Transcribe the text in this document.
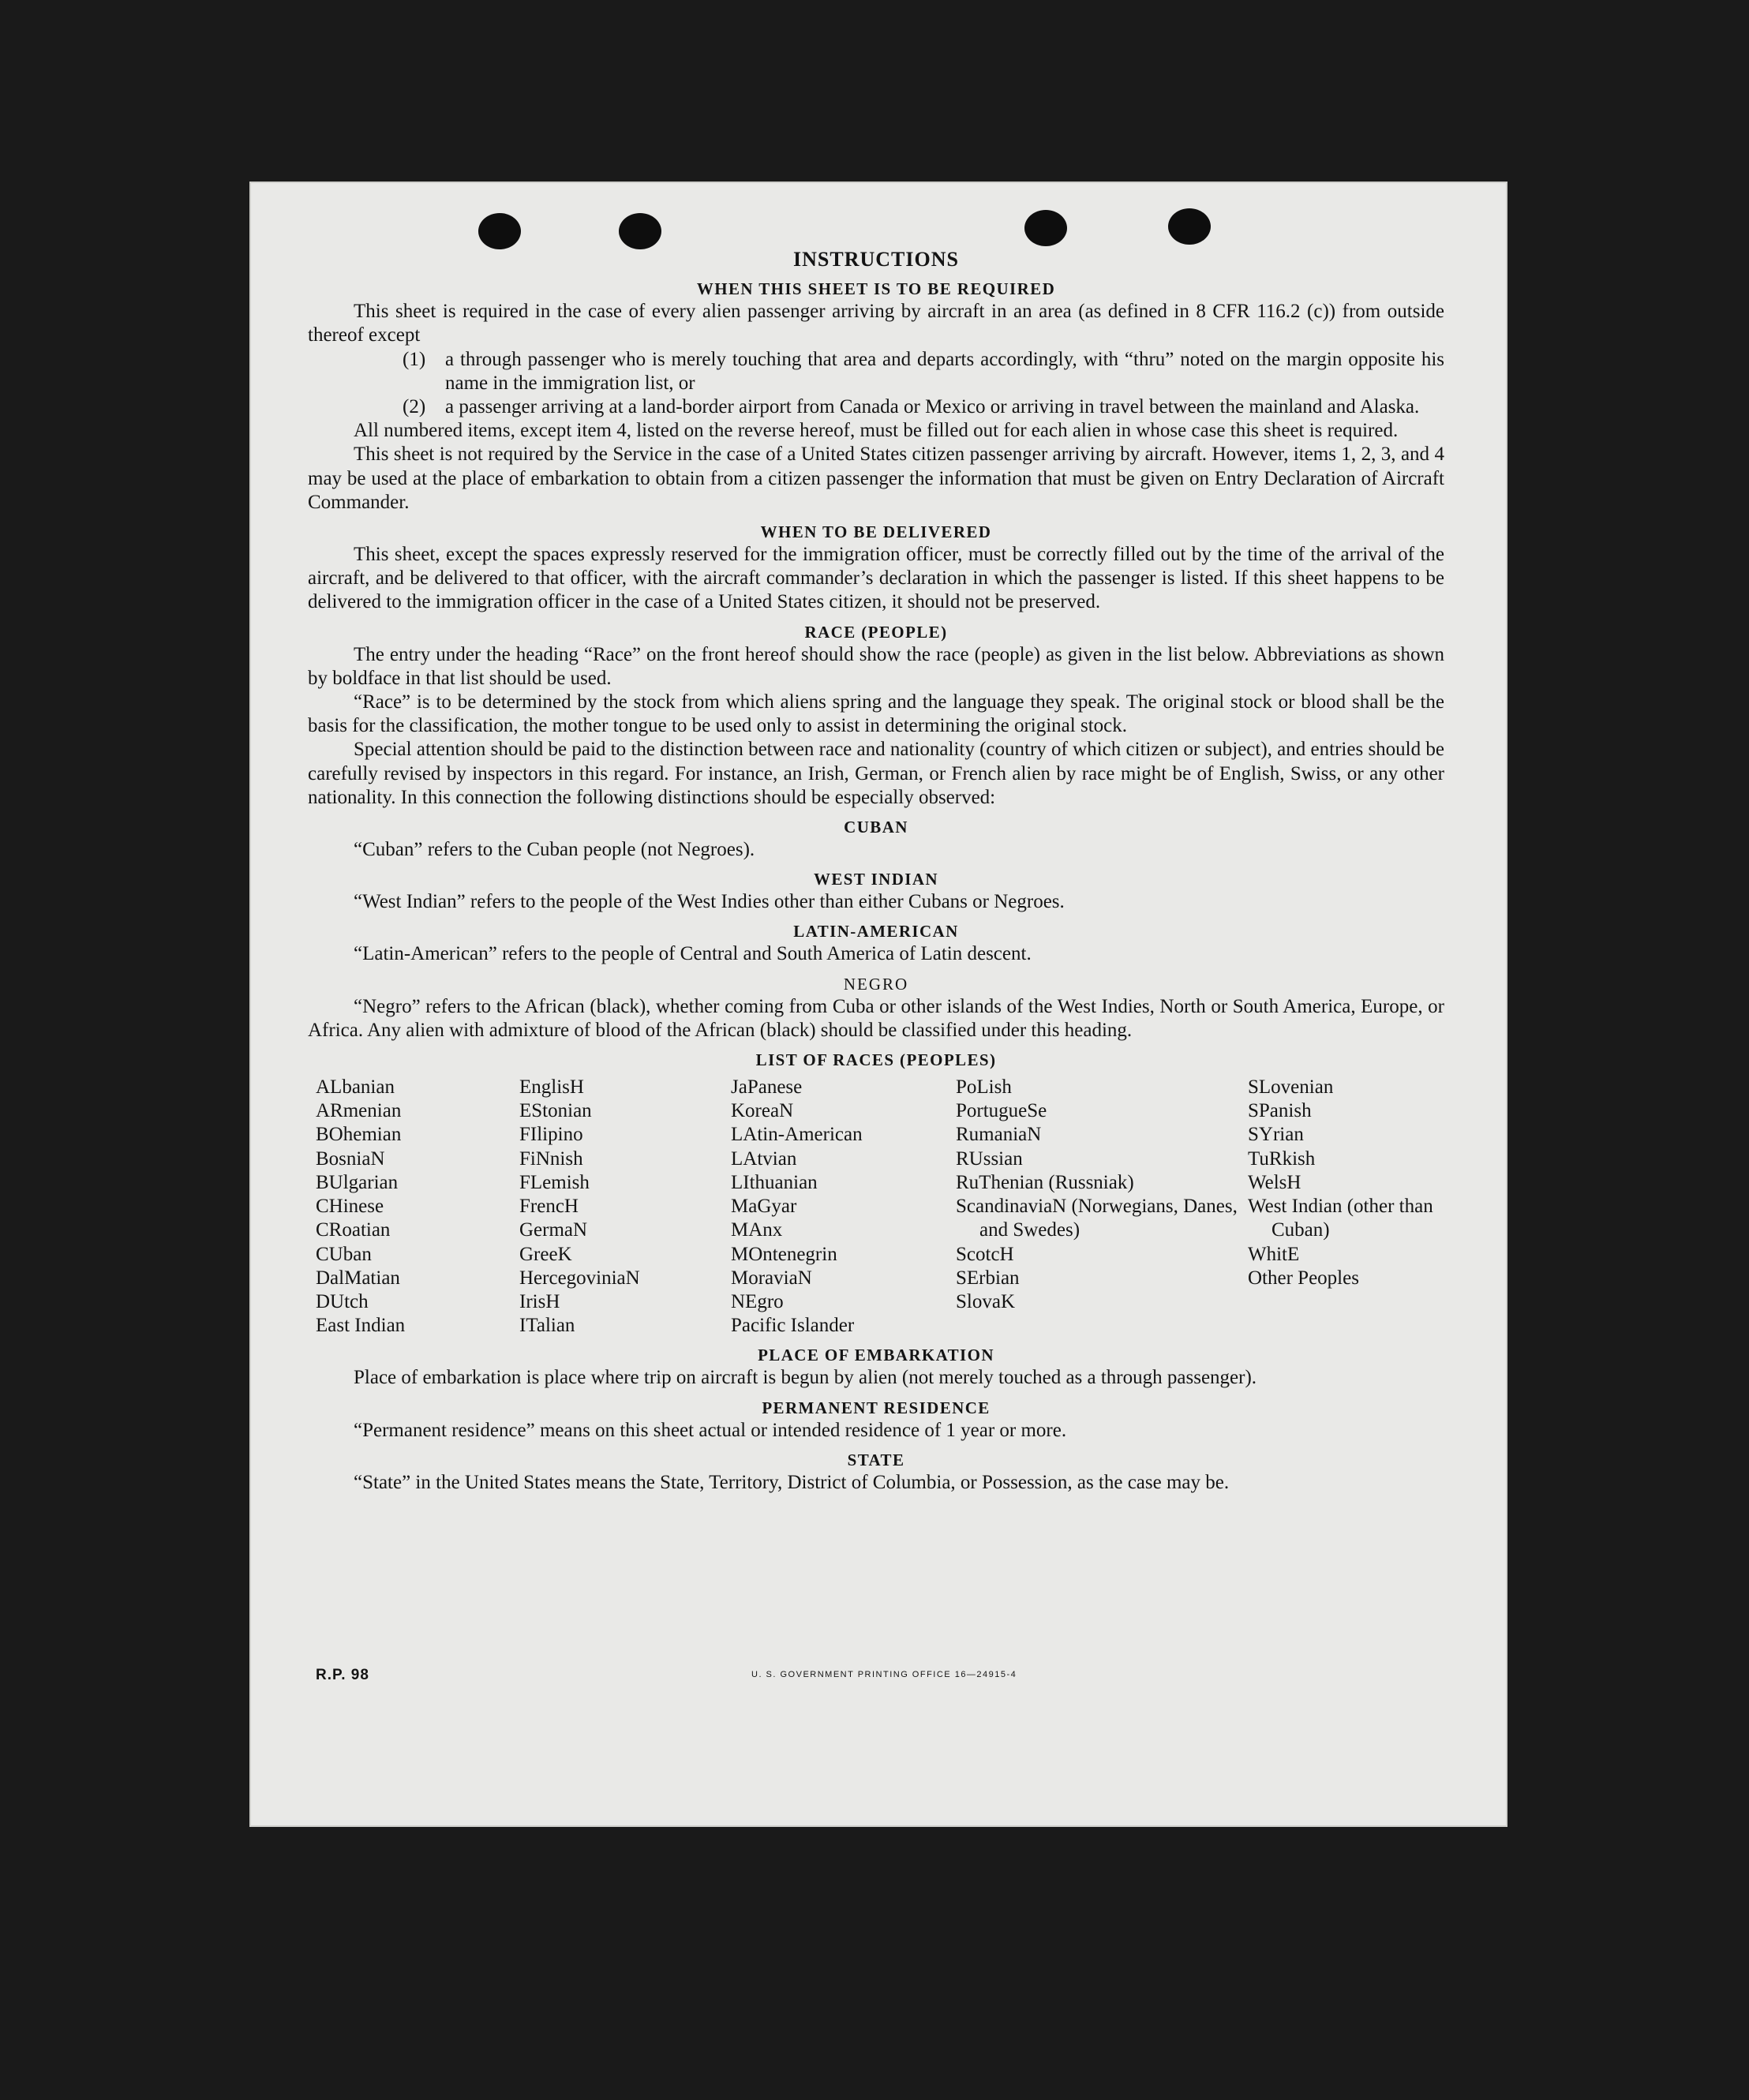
INSTRUCTIONS
WHEN THIS SHEET IS TO BE REQUIRED

This sheet is required in the case of every alien passenger arriving by aircraft in an area (as defined in 8 CFR 116.2 (c)) from outside thereof except

(1) a through passenger who is merely touching that area and departs accordingly, with “thru” noted on the margin opposite his name in the immigration list, or
(2) a passenger arriving at a land-border airport from Canada or Mexico or arriving in travel between the mainland and Alaska.

All numbered items, except item 4, listed on the reverse hereof, must be filled out for each alien in whose case this sheet is required.

This sheet is not required by the Service in the case of a United States citizen passenger arriving by aircraft. However, items 1, 2, 3, and 4 may be used at the place of embarkation to obtain from a citizen passenger the information that must be given on Entry Declaration of Aircraft Commander.

WHEN TO BE DELIVERED

This sheet, except the spaces expressly reserved for the immigration officer, must be correctly filled out by the time of the arrival of the aircraft, and be delivered to that officer, with the aircraft commander’s declaration in which the passenger is listed. If this sheet happens to be delivered to the immigration officer in the case of a United States citizen, it should not be preserved.

RACE (PEOPLE)

The entry under the heading “Race” on the front hereof should show the race (people) as given in the list below. Abbreviations as shown by boldface in that list should be used.

“Race” is to be determined by the stock from which aliens spring and the language they speak. The original stock or blood shall be the basis for the classification, the mother tongue to be used only to assist in determining the original stock.

Special attention should be paid to the distinction between race and nationality (country of which citizen or subject), and entries should be carefully revised by inspectors in this regard. For instance, an Irish, German, or French alien by race might be of English, Swiss, or any other nationality. In this connection the following distinctions should be especially observed:

CUBAN

“Cuban” refers to the Cuban people (not Negroes).

WEST INDIAN

“West Indian” refers to the people of the West Indies other than either Cubans or Negroes.

LATIN-AMERICAN

“Latin-American” refers to the people of Central and South America of Latin descent.

NEGRO

“Negro” refers to the African (black), whether coming from Cuba or other islands of the West Indies, North or South America, Europe, or Africa. Any alien with admixture of blood of the African (black) should be classified under this heading.

LIST OF RACES (PEOPLES)
ALbanian
ARmenian
BOhemian
BosniaN
BUlgarian
CHinese
CRoatian
CUban
DalMatian
DUtch
East Indian
EnglisH
EStonian
FIlipino
FiNnish
FLemish
FrencH
GermaN
GreeK
HercegoviniaN
IrisH
ITalian
JaPanese
KoreaN
LAtin-American
LAtvian
LIthuanian
MaGyar
MAnx
MOntenegrin
MoraviaN
NEgro
Pacific Islander
PoLish
PortugueSe
RumaniaN
RUssian
RuThenian (Russniak)
ScandinaviaN (Norwegians, Danes, and Swedes)
ScotcH
SErbian
SlovaK
SLovenian
SPanish
SYrian
TuRkish
WelsH
West Indian (other than Cuban)
WhitE
Other Peoples
PLACE OF EMBARKATION

Place of embarkation is place where trip on aircraft is begun by alien (not merely touched as a through passenger).

PERMANENT RESIDENCE

“Permanent residence” means on this sheet actual or intended residence of 1 year or more.

STATE

“State” in the United States means the State, Territory, District of Columbia, or Possession, as the case may be.

R.P. 98	U. S. GOVERNMENT PRINTING OFFICE 16—24915-4
